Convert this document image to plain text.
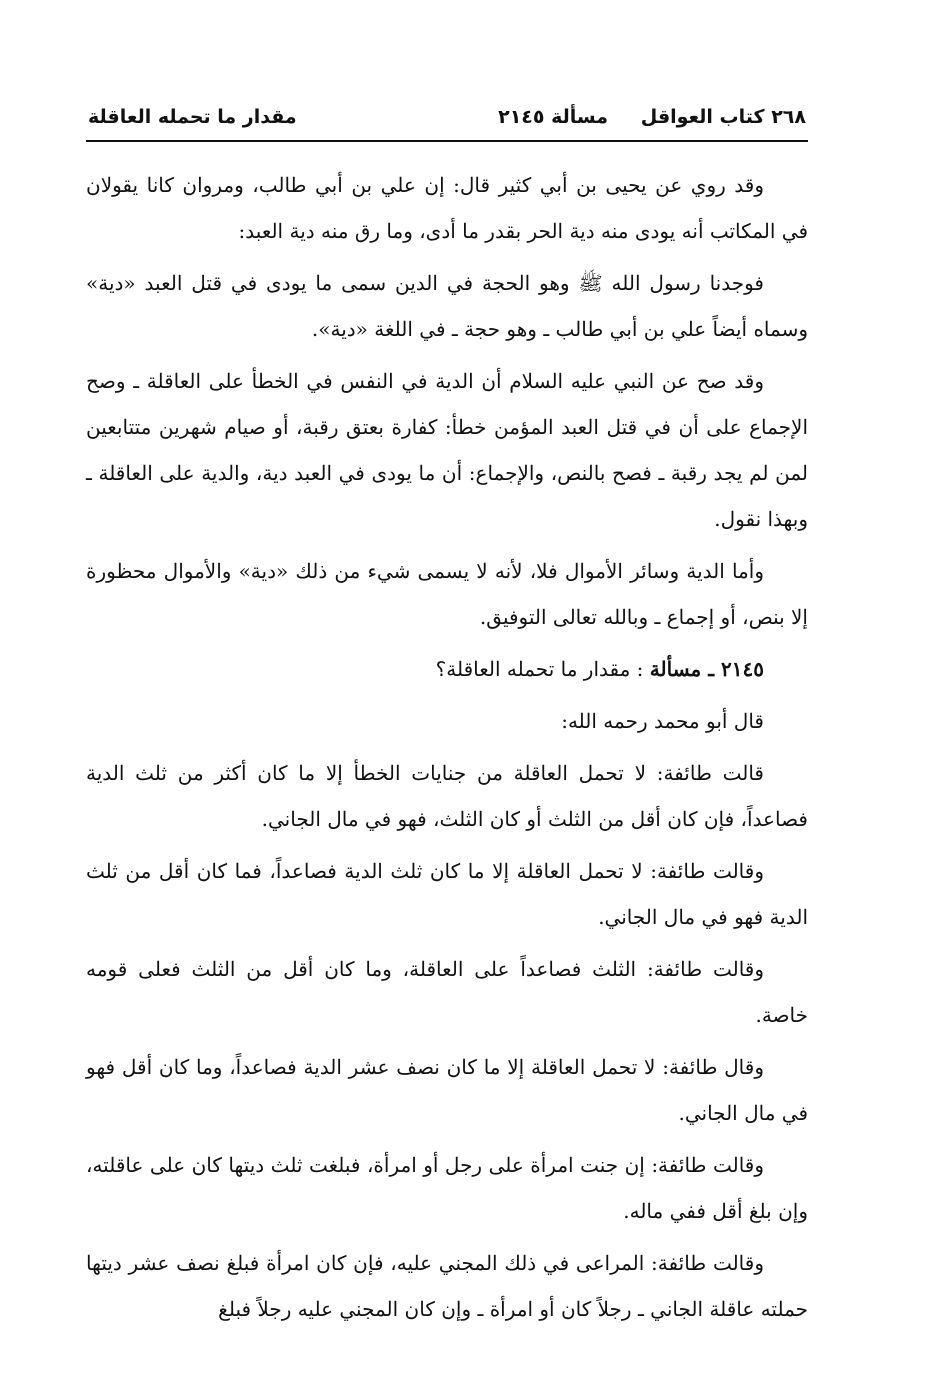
٢٦٨ كتاب العواقل
مسألة ٢١٤٥
مقدار ما تحمله العاقلة

وقد روي عن يحيى بن أبي كثير قال: إن علي بن أبي طالب، ومروان كانا يقولان في المكاتب أنه يودى منه دية الحر بقدر ما أدى، وما رق منه دية العبد:

فوجدنا رسول الله ﷺ وهو الحجة في الدين سمى ما يودى في قتل العبد «دية» وسماه أيضاً علي بن أبي طالب ـ وهو حجة ـ في اللغة «دية».

وقد صح عن النبي عليه السلام أن الدية في النفس في الخطأ على العاقلة ـ وصح الإجماع على أن في قتل العبد المؤمن خطأ: كفارة بعتق رقبة، أو صيام شهرين متتابعين لمن لم يجد رقبة ـ فصح بالنص، والإجماع: أن ما يودى في العبد دية، والدية على العاقلة ـ وبهذا نقول.

وأما الدية وسائر الأموال فلا، لأنه لا يسمى شيء من ذلك «دية» والأموال محظورة إلا بنص، أو إجماع ـ وبالله تعالى التوفيق.

٢١٤٥ ـ مسألة : مقدار ما تحمله العاقلة؟

قال أبو محمد رحمه الله:

قالت طائفة: لا تحمل العاقلة من جنايات الخطأ إلا ما كان أكثر من ثلث الدية فصاعداً، فإن كان أقل من الثلث أو كان الثلث، فهو في مال الجاني.

وقالت طائفة: لا تحمل العاقلة إلا ما كان ثلث الدية فصاعداً، فما كان أقل من ثلث الدية فهو في مال الجاني.

وقالت طائفة: الثلث فصاعداً على العاقلة، وما كان أقل من الثلث فعلى قومه خاصة.

وقال طائفة: لا تحمل العاقلة إلا ما كان نصف عشر الدية فصاعداً، وما كان أقل فهو في مال الجاني.

وقالت طائفة: إن جنت امرأة على رجل أو امرأة، فبلغت ثلث ديتها كان على عاقلته، وإن بلغ أقل ففي ماله.

وقالت طائفة: المراعى في ذلك المجني عليه، فإن كان امرأة فبلغ نصف عشر ديتها حملته عاقلة الجاني ـ رجلاً كان أو امرأة ـ وإن كان المجني عليه رجلاً فبلغ
